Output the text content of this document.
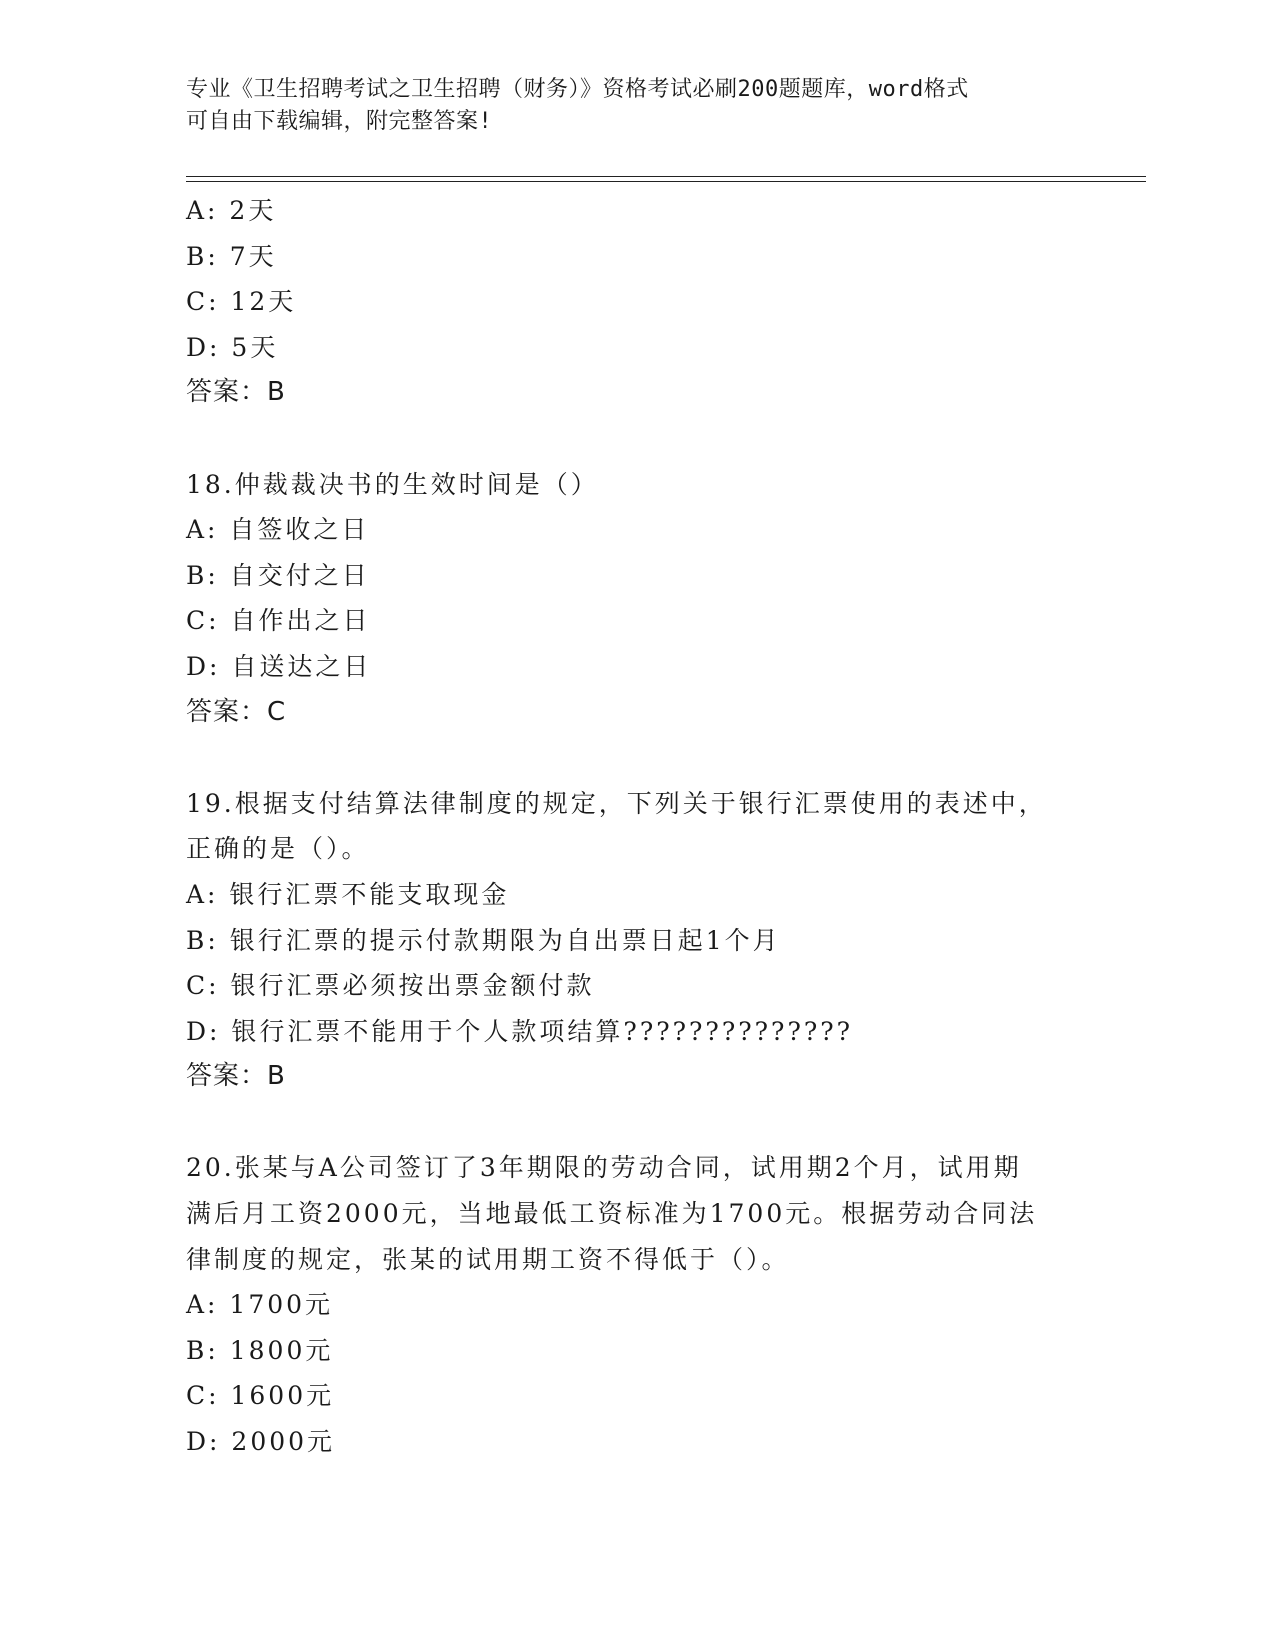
专业《卫生招聘考试之卫生招聘（财务）》资格考试必刷200题题库，word格式
可自由下载编辑，附完整答案!
A: 2天
B: 7天
C: 12天
D: 5天
答案：B
18.仲裁裁决书的生效时间是（）
A: 自签收之日
B: 自交付之日
C: 自作出之日
D: 自送达之日
答案：C
19.根据支付结算法律制度的规定，下列关于银行汇票使用的表述中，
正确的是（）。
A: 银行汇票不能支取现金
B: 银行汇票的提示付款期限为自出票日起1个月
C: 银行汇票必须按出票金额付款
D: 银行汇票不能用于个人款项结算??????????????
答案：B
20.张某与A公司签订了3年期限的劳动合同，试用期2个月，试用期
满后月工资2000元，当地最低工资标准为1700元。根据劳动合同法
律制度的规定，张某的试用期工资不得低于（）。
A: 1700元
B: 1800元
C: 1600元
D: 2000元
